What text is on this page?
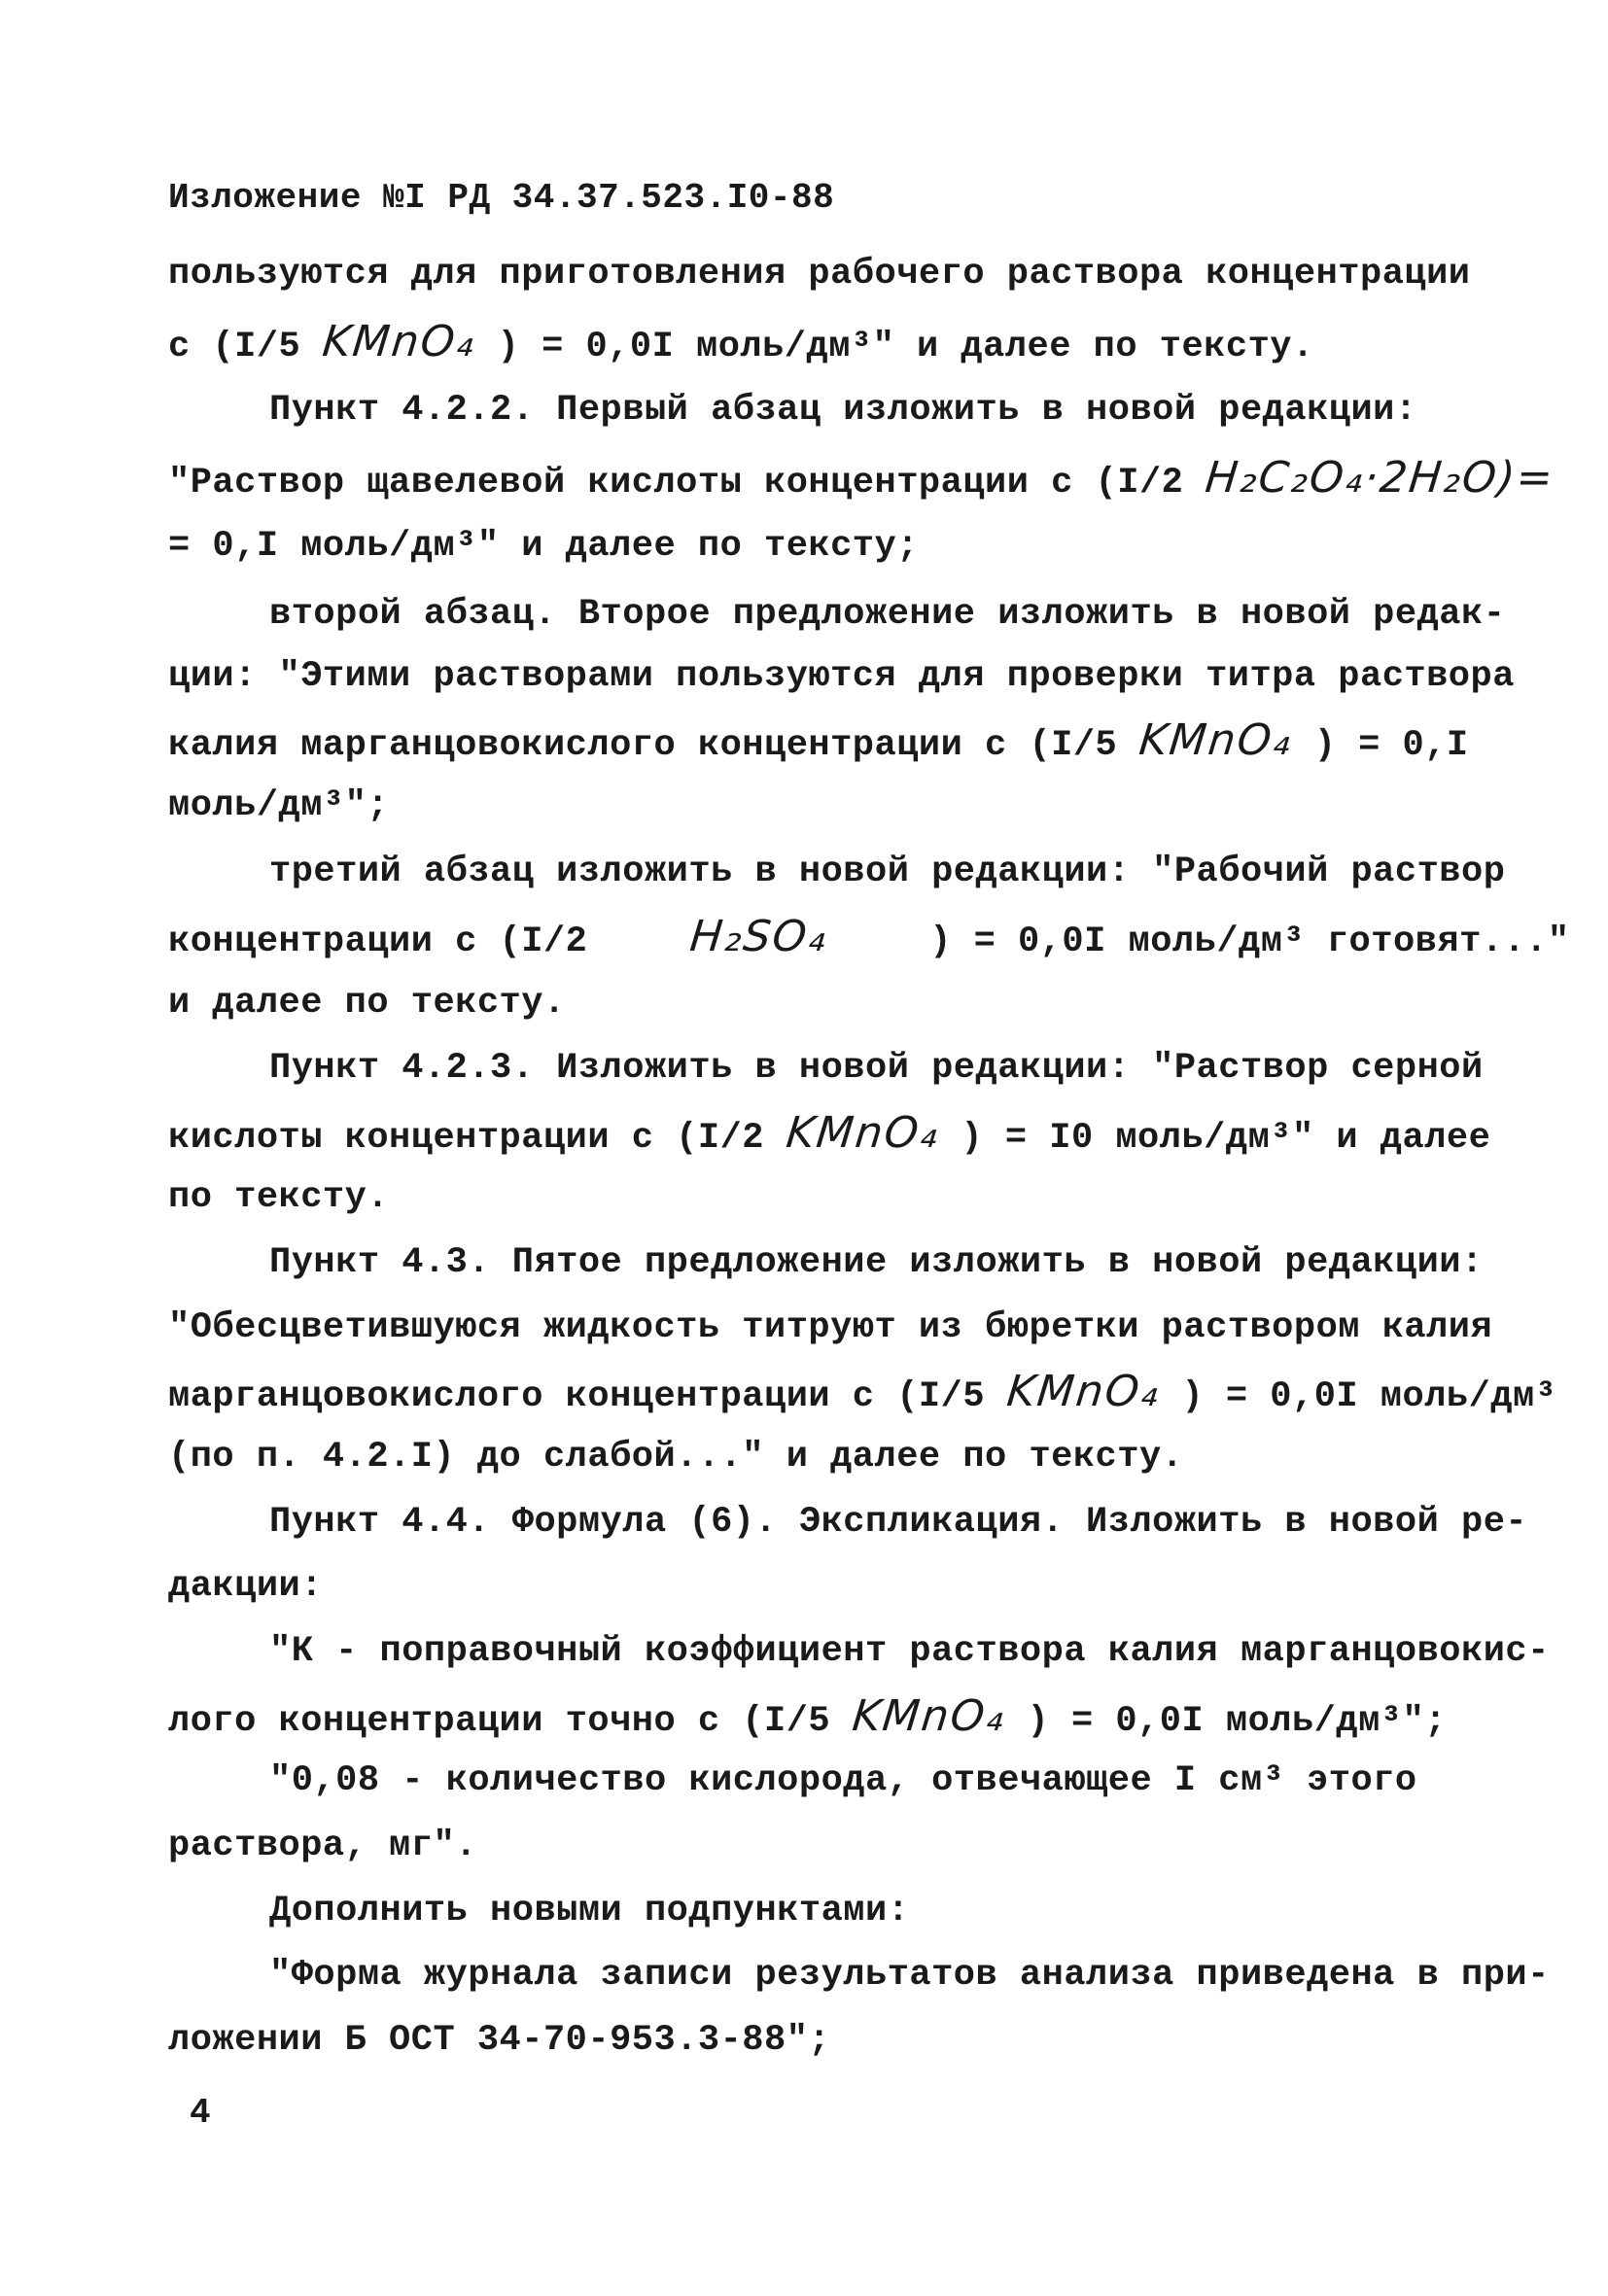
Изложение №I РД 34.37.523.I0-88
пользуются для приготовления рабочего раствора концентрации
с (I/5 KMnO₄ ) = 0,0I моль/дм³" и далее по тексту.
Пункт 4.2.2. Первый абзац изложить в новой редакции:
"Раствор щавелевой кислоты концентрации с (I/2 H₂C₂O₄·2H₂O)=
= 0,I моль/дм³" и далее по тексту;
второй абзац. Второе предложение изложить в новой редак-
ции: "Этими растворами пользуются для проверки титра раствора
калия марганцовокислого концентрации с (I/5 KMnO₄ ) = 0,I
моль/дм³";
третий абзац изложить в новой редакции: "Рабочий раствор
концентрации с (I/2 H₂SO₄	) = 0,0I моль/дм³ готовят..."
и далее по тексту.
Пункт 4.2.3. Изложить в новой редакции: "Раствор серной
кислоты концентрации с (I/2 KMnO₄ ) = I0 моль/дм³" и далее
по тексту.
Пункт 4.3. Пятое предложение изложить в новой редакции:
"Обесцветившуюся жидкость титруют из бюретки раствором калия
марганцовокислого концентрации с (I/5 KMnO₄ ) = 0,0I моль/дм³
(по п. 4.2.I) до слабой..." и далее по тексту.
Пункт 4.4. Формула (6). Экспликация. Изложить в новой ре-
дакции:
"К - поправочный коэффициент раствора калия марганцовокис-
лого концентрации точно с (I/5 KMnO₄ ) = 0,0I моль/дм³";
"0,08 - количество кислорода, отвечающее I см³ этого
раствора, мг".
Дополнить новыми подпунктами:
"Форма журнала записи результатов анализа приведена в при-
ложении Б ОСТ 34-70-953.3-88";
4
